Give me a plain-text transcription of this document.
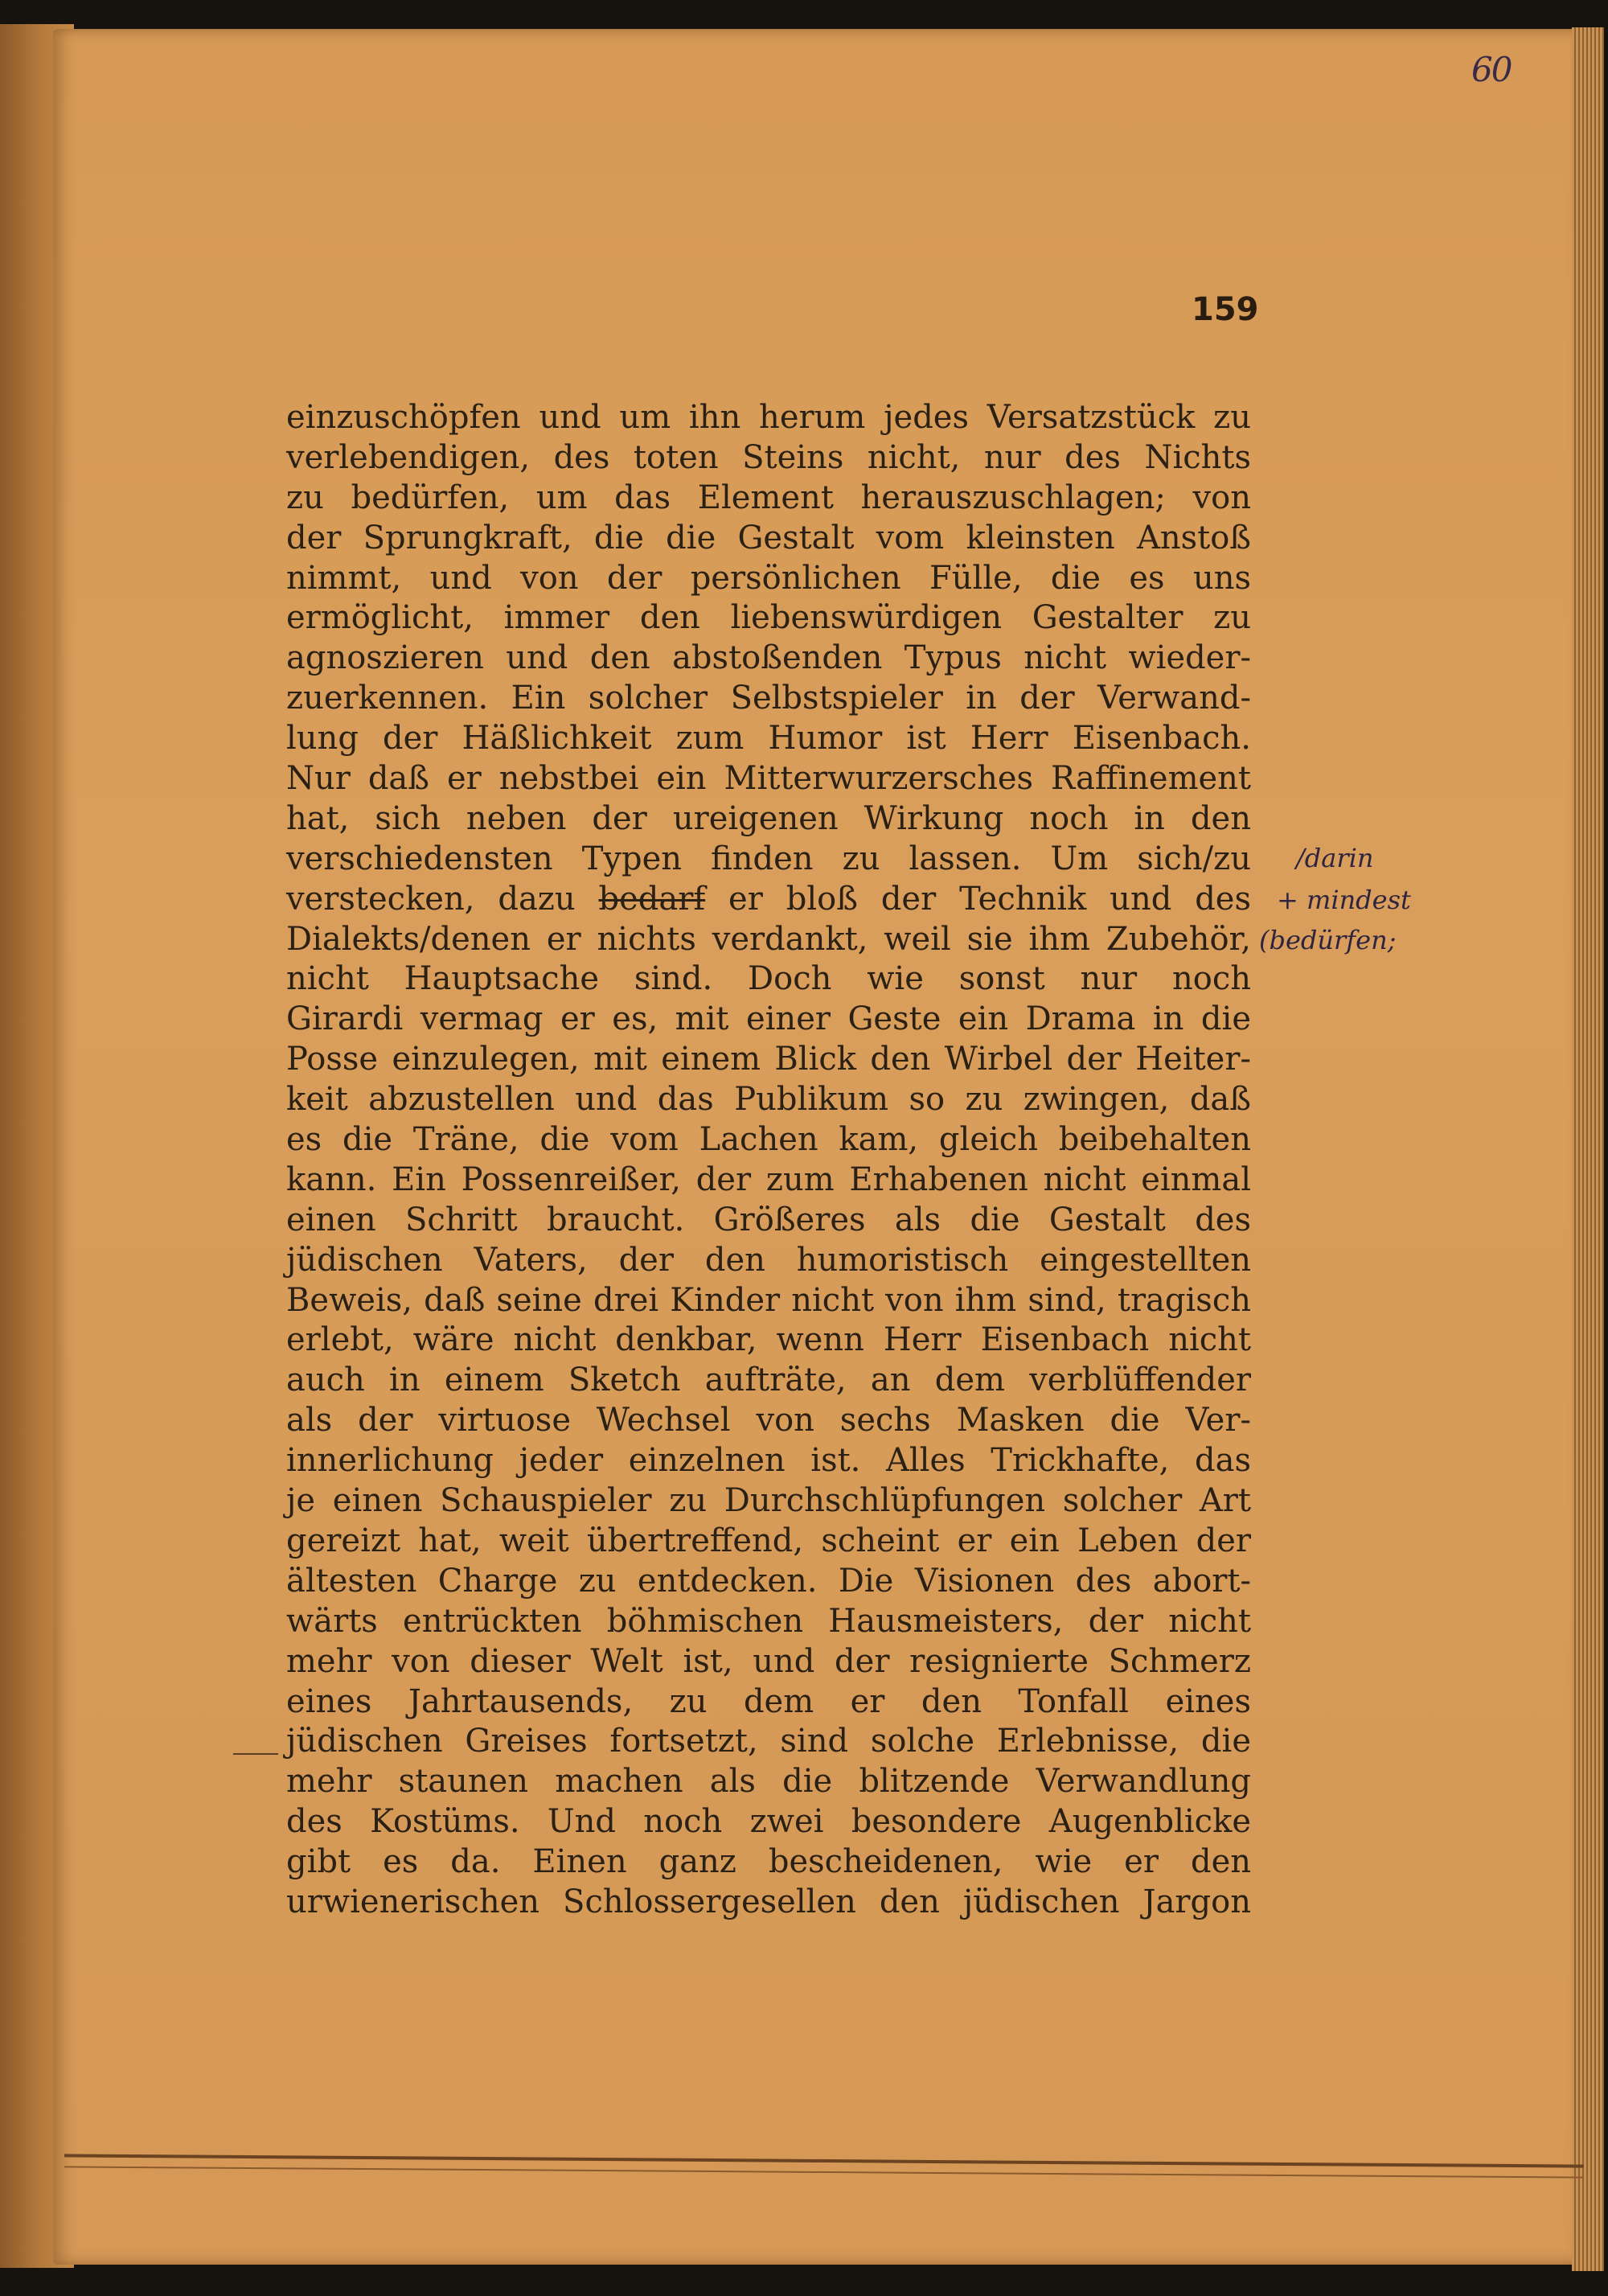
60
159
einzuschöpfen und um ihn herum jedes Versatzstück zu
verlebendigen, des toten Steins nicht, nur des Nichts
zu bedürfen, um das Element herauszuschlagen; von
der Sprungkraft, die die Gestalt vom kleinsten Anstoß
nimmt, und von der persönlichen Fülle, die es uns
ermöglicht, immer den liebenswürdigen Gestalter zu
agnoszieren und den abstoßenden Typus nicht wieder-
zuerkennen. Ein solcher Selbstspieler in der Verwand-
lung der Häßlichkeit zum Humor ist Herr Eisenbach.
Nur daß er nebstbei ein Mitterwurzersches Raffinement
hat, sich neben der ureigenen Wirkung noch in den
verschiedensten Typen finden zu lassen. Um sich/zu
verstecken, dazu bedarf er bloß der Technik und des
Dialekts/denen er nichts verdankt, weil sie ihm Zubehör,
nicht Hauptsache sind. Doch wie sonst nur noch
Girardi vermag er es, mit einer Geste ein Drama in die
Posse einzulegen, mit einem Blick den Wirbel der Heiter-
keit abzustellen und das Publikum so zu zwingen, daß
es die Träne, die vom Lachen kam, gleich beibehalten
kann. Ein Possenreißer, der zum Erhabenen nicht einmal
einen Schritt braucht. Größeres als die Gestalt des
jüdischen Vaters, der den humoristisch eingestellten
Beweis, daß seine drei Kinder nicht von ihm sind, tragisch
erlebt, wäre nicht denkbar, wenn Herr Eisenbach nicht
auch in einem Sketch aufträte, an dem verblüffender
als der virtuose Wechsel von sechs Masken die Ver-
innerlichung jeder einzelnen ist. Alles Trickhafte, das
je einen Schauspieler zu Durchschlüpfungen solcher Art
gereizt hat, weit übertreffend, scheint er ein Leben der
ältesten Charge zu entdecken. Die Visionen des abort-
wärts entrückten böhmischen Hausmeisters, der nicht
mehr von dieser Welt ist, und der resignierte Schmerz
eines Jahrtausends, zu dem er den Tonfall eines
jüdischen Greises fortsetzt, sind solche Erlebnisse, die
mehr staunen machen als die blitzende Verwandlung
des Kostüms. Und noch zwei besondere Augenblicke
gibt es da. Einen ganz bescheidenen, wie er den
urwienerischen Schlossergesellen den jüdischen Jargon
/darin
+ mindest
(bedürfen;
